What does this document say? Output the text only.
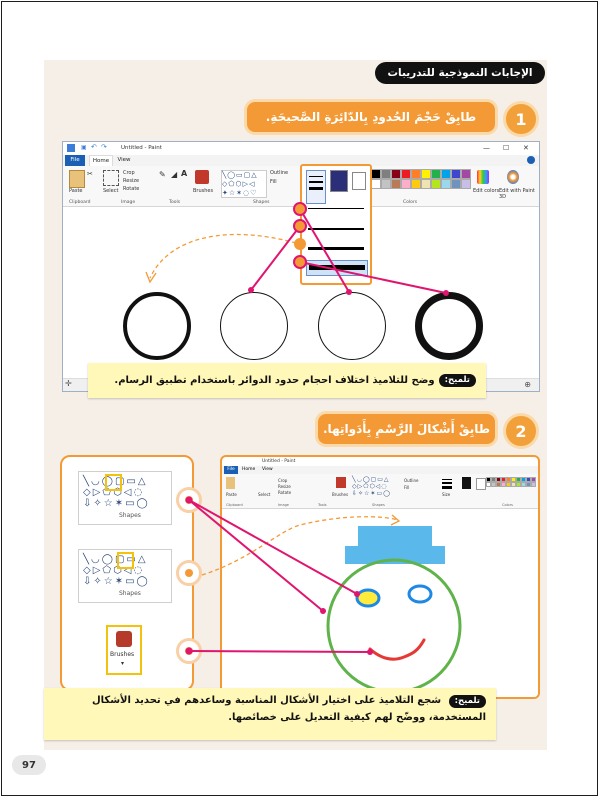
الإجابات النموذجية للتدريبات
طابِقْ حَجْمَ الحُدودِ بِالدّائِرَةِ الصَّحيحَةِ.	1
▣ ↶ ↷	Untitled - Paint	— ☐ ✕
File	Home	View
Paste
✂
Select
Crop
Resize
Rotate
✎ ◢ A
Brushes
╲◯▭▢△
◇⬠⬡▷◁
✦☆✶◌♡
Outline
Fill
Edit colors Edit with Paint 3D
Clipboard	Image	Tools	Shapes	Colors
✛	⊕
تلميح:
وضح للتلاميذ اختلاف احجام حدود الدوائر باستخدام تطبيق الرسام.
طابِقْ أَشْكالَ الرَّسْمِ بِأَدَواتِها.	2
╲◡◯▢▭△
◇▷⬠⬡◁◌
⇩✧☆✶▭◯
Shapes
╲◡◯▢▭△
◇▷⬠⬡◁◌
⇩✧☆✶▭◯
Shapes
Brushes
▾
Untitled - Paint
File	Home View
Paste	Select
Crop
Resize
Rotate	Brushes
╲◡◯▢▭△
◇▷⬠⬡◁◌
⇩✧☆✶▭◯
Outline
Fill
Size
Clipboard	Image	Tools	Shapes	Colors
تلميح: شجع التلاميذ على اختيار الأشكال المناسبة وساعدهم في تحديد الأشكال المستخدمة، ووضّح لهم كيفية التعديل على خصائصها.
97
